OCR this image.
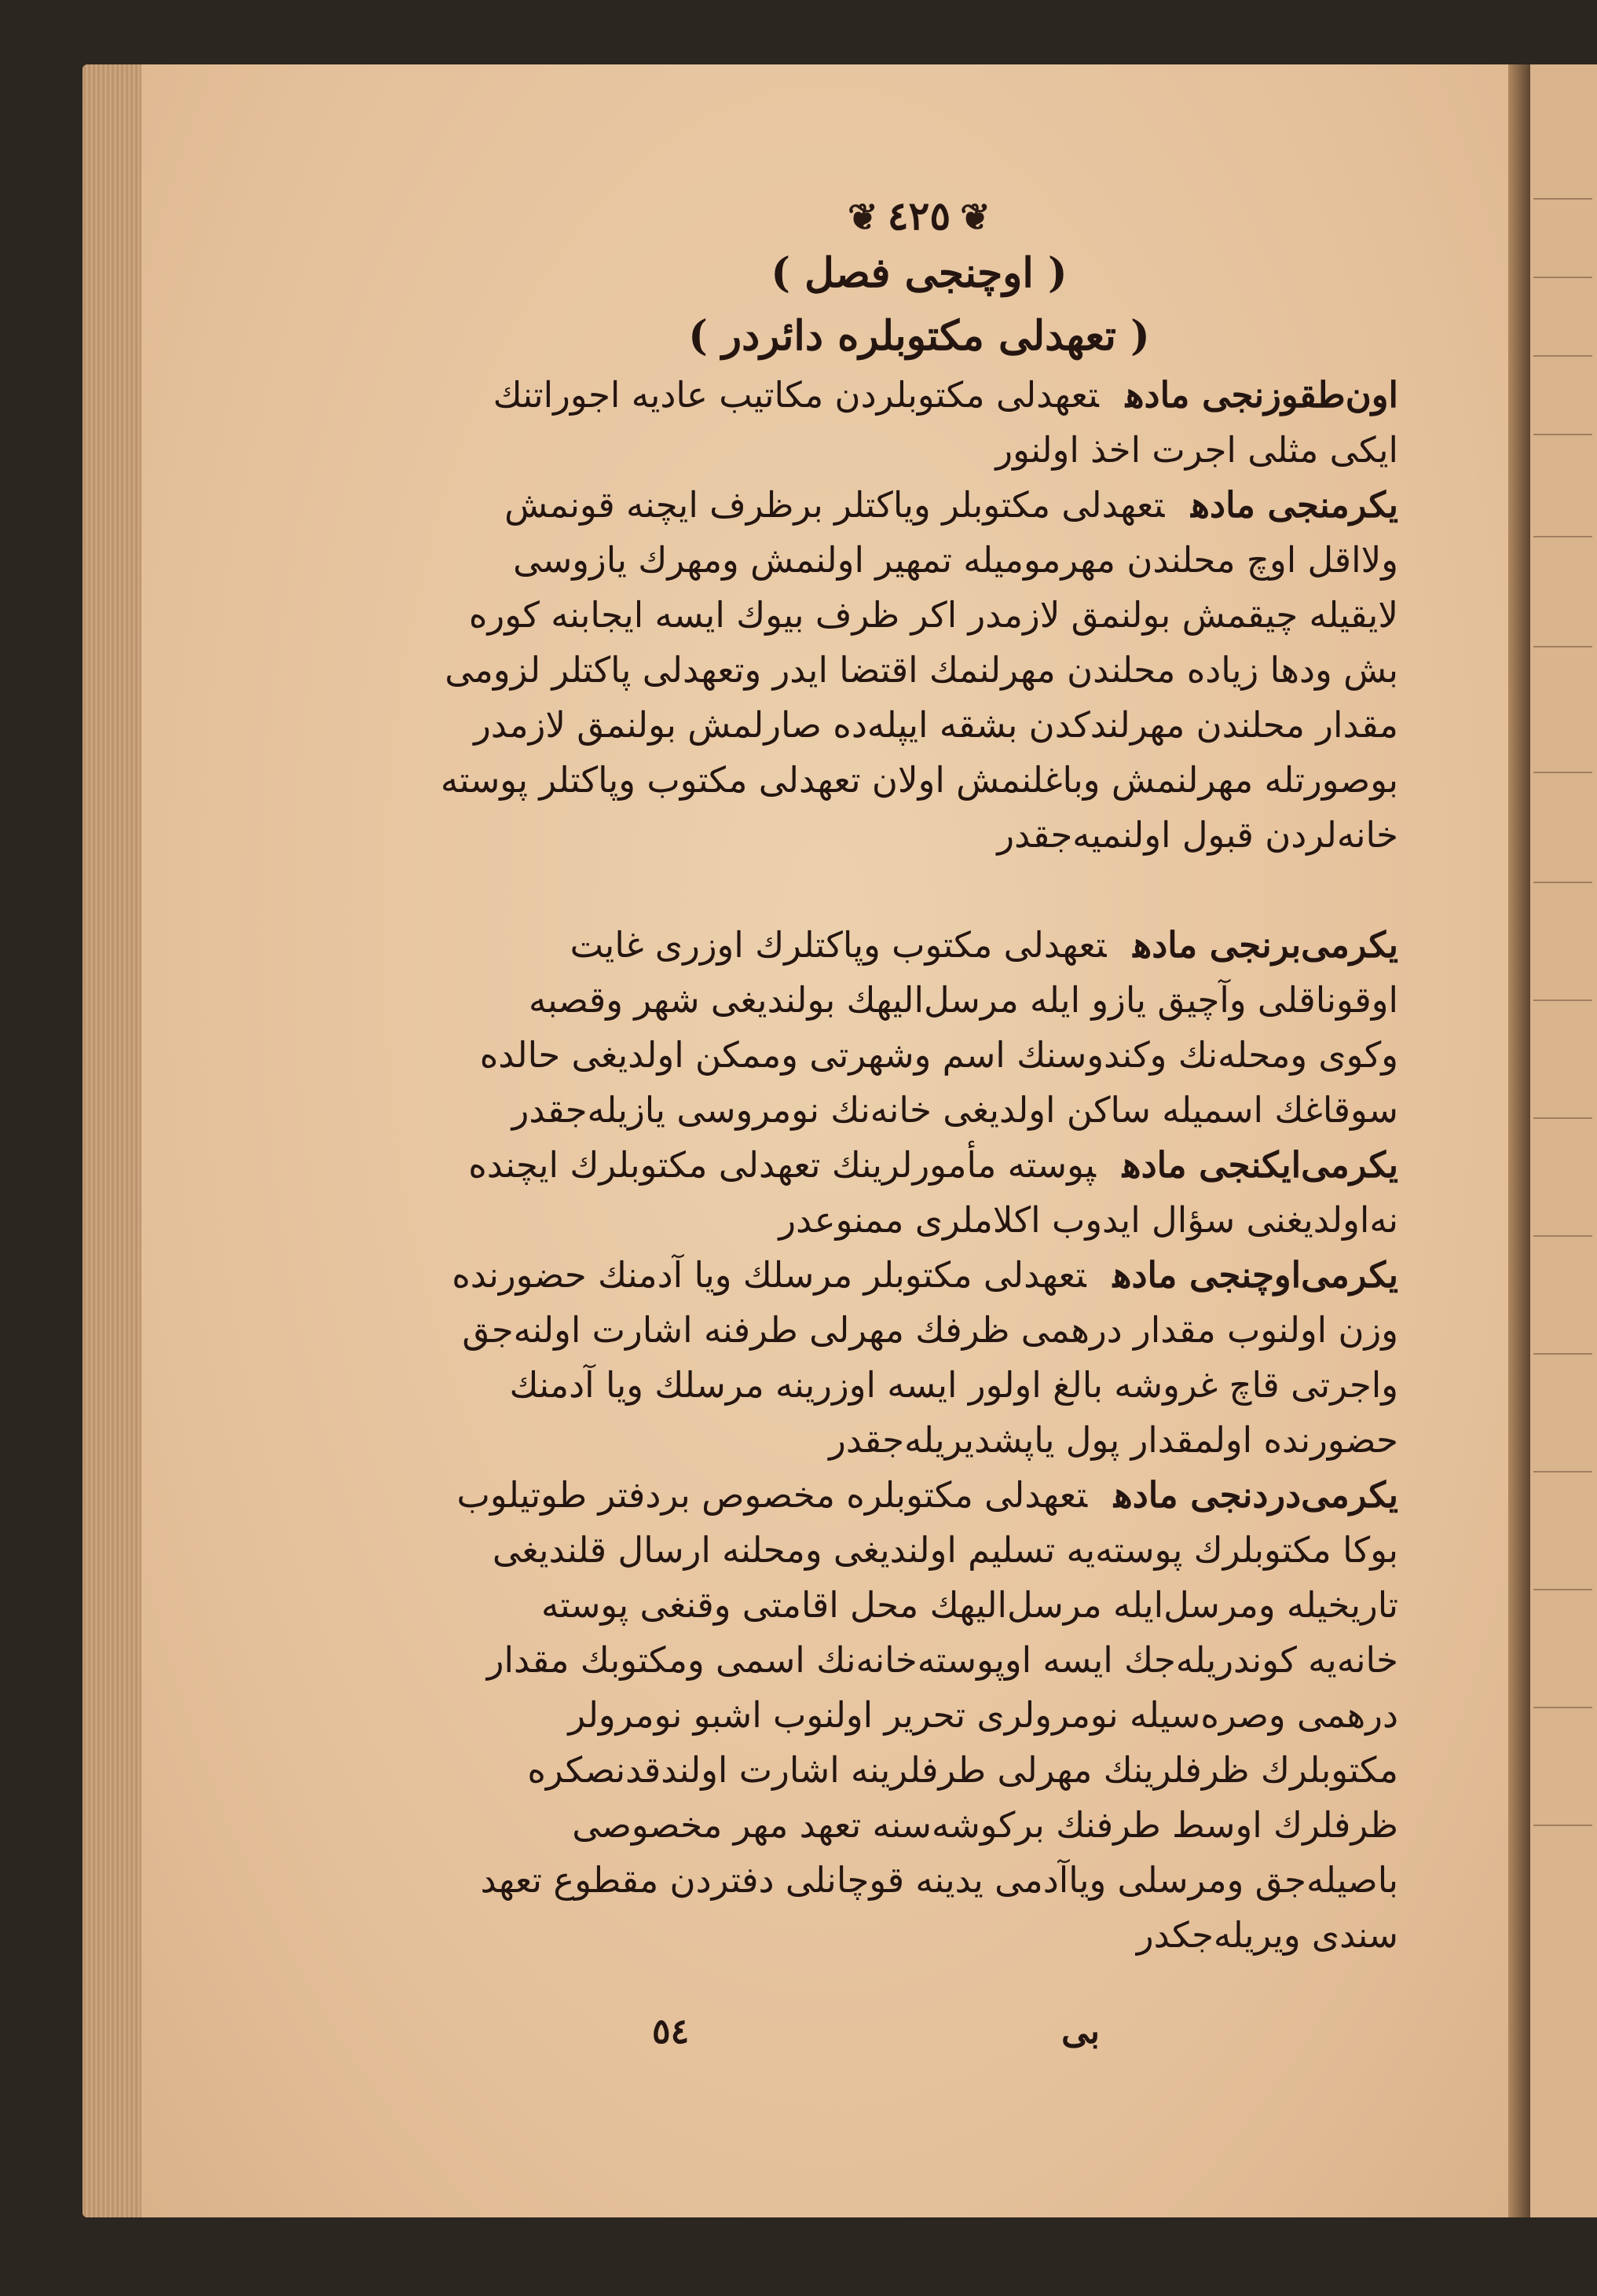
❦٤٢٥❦
( اوچنجی فصل )
( تعهدلی مکتوبلره دائردر )

اون‌طقوزنجی مادهتعهدلی مکتوبلردن مکاتیب عادیه اجوراتنك ایکی مثلی اجرت اخذ اولنور

یکرمنجی مادهتعهدلی مکتوبلر ویاکتلر برظرف ایچنه قونمش ولااقل اوچ محلندن مهرمومیله تمهیر اولنمش ومهرك یازوسی لایقیله چیقمش بولنمق لازمدر اکر ظرف بیوك ایسه ایجابنه کوره بش ودها زیاده محلندن مهرلنمك اقتضا ایدر وتعهدلی پاکتلر لزومی مقدار محلندن مهرلندکدن بشقه ایپله‌ده صارلمش بولنمق لازمدر بوصورتله مهرلنمش وباغلنمش اولان تعهدلی مکتوب وپاکتلر پوسته خانه‌لردن قبول اولنمیه‌جقدر

یکرمی‌برنجی مادهتعهدلی مکتوب وپاکتلرك اوزری غایت اوقوناقلی وآچیق یازو ایله مرسل‌الیهك بولندیغی شهر وقصبه وکوی ومحله‌نك وکندوسنك اسم وشهرتی وممکن اولدیغی حالده سوقاغك اسمیله ساکن اولدیغی خانه‌نك نومروسی یازیله‌جقدر

یکرمی‌ایکنجی مادهپوسته مأمورلرینك تعهدلی مکتوبلرك ایچنده نه‌اولدیغنی سؤال ایدوب اکلاملری ممنوعدر

یکرمی‌اوچنجی مادهتعهدلی مکتوبلر مرسلك ویا آدمنك حضورنده وزن اولنوب مقدار درهمی ظرفك مهرلی طرفنه اشارت اولنه‌جق واجرتی قاچ غروشه بالغ اولور ایسه اوزرینه مرسلك ویا آدمنك حضورنده اولمقدار پول یاپشدیریله‌جقدر

یکرمی‌دردنجی مادهتعهدلی مکتوبلره مخصوص بردفتر طوتیلوب بوکا مکتوبلرك پوسته‌یه تسلیم اولندیغی ومحلنه ارسال قلندیغی تاریخیله ومرسل‌ایله مرسل‌الیهك محل اقامتی وقنغی پوسته خانه‌یه کوندریله‌جك ایسه اوپوسته‌خانه‌نك اسمی ومکتوبك مقدار درهمی وصره‌سیله نومرولری تحریر اولنوب اشبو نومرولر مکتوبلرك ظرفلرینك مهرلی طرفلرینه اشارت اولندقدنصکره ظرفلرك اوسط طرفنك برکوشه‌سنه تعهد مهر مخصوصی باصیله‌جق ومرسلی ویاآدمی یدینه قوچانلی دفتردن مقطوع تعهد سندی ویریله‌جکدر

بی
٥٤
